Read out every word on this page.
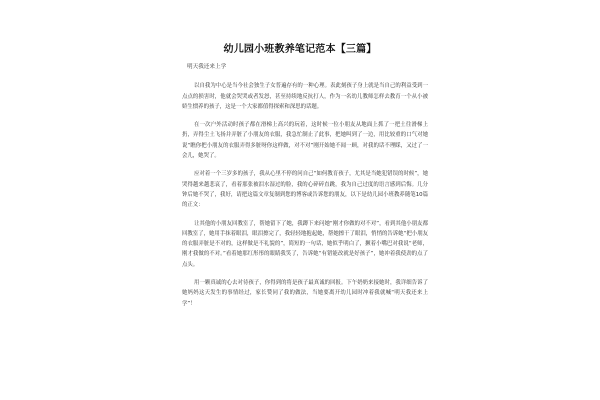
幼儿园小班教养笔记范本【三篇】

明天我还来上学

以自我为中心是当今社会独生子女普遍存有的一种心理。表此刻孩子身上就是当自己的利益受到一点点的损害时，他就会哭哭或者发怒，甚至持续地反抗打人，作为一名幼儿教师怎样去教育一个从小被娇生惯养的孩子，这是一个大家都值得探索和深思的话题。

在一次户外活动时孩子都在滑梯上高兴的玩着，这时候一位小朋友从地面上抓了一把土往滑梯上扔，弄得尘土飞扬并弄脏了小朋友的衣服，我急忙制止了此事，把她叫到了一边，用比较重的口气对她说“瞧你把小朋友的衣服弄得多脏呀你这样做，对不对”刚开始她不闻一顾，对我的话不理睬，又过了一会儿，她哭了。

应对着一个三岁多的孩子，我从心里不停的问自己“如何教育孩子，尤其是当她犯错误的时候”，她哭得越来越悲哀了，看着那张被泪水湿过的脸，我的心碎碎直跳，我为自己过度的语言感到后悔。几分钟后她不哭了，我好，请把这篇文章复制到您的博客或告诉您的朋友，以下是幼儿园小班教养随笔10篇的正文：

让其他的小朋友回教室了，帮她留下了她，我蹲下来问她“刚才你做的对不对”，看到其他小朋友都回教室了，她用手抹着眼泪，眼泪擦完了，我轻轻地抱起她，帮她擦干了眼泪，悄悄的告诉她“把小朋友的衣服弄脏是不对的，这样做是不礼貌的”，简短的一句话，她似乎明白了，撅着小嘴巴对我说“老师，刚才我做的不对。”看着她那红彤彤的眼睛我笑了，告诉她“有错能改就是好孩子”，她冲着我使劲的点了点头。

用一颗真诚的心去对待孩子，你得到的将是孩子最真诚的回报。下午奶奶来接她时，我详细告诉了她妈妈这天发生的事情经过，家长赞同了我的做法，当她要离开幼儿园时冲着我就喊“明天我还来上学”！
